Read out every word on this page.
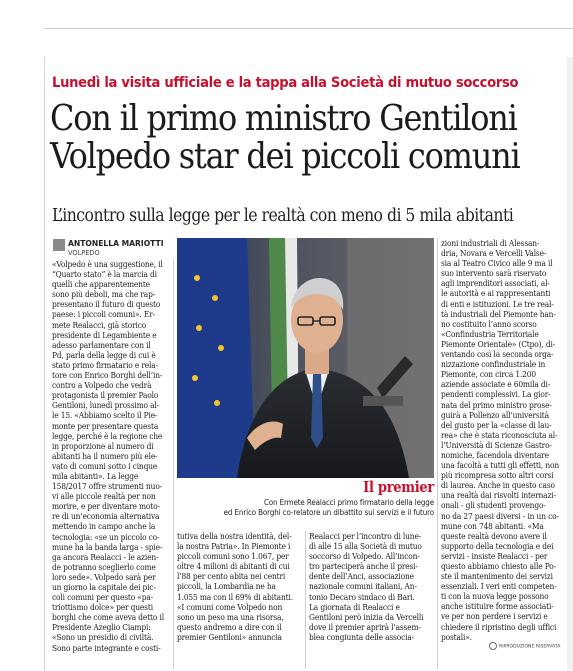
Lunedì la visita ufficiale e la tappa alla Società di mutuo soccorso
Con il primo ministro Gentiloni
Volpedo star dei piccoli comuni
L’incontro sulla legge per le realtà con meno di 5 mila abitanti
ANTONELLA MARIOTTI
VOLPEDO

«Volpedo è una suggestione, il
“Quarto stato” è la marcia di
quelli che apparentemente
sono più deboli, ma che rap-
presentano il futuro di questo
paese: i piccoli comuni». Er-
mete Realacci, già storico
presidente di Legambiente e
adesso parlamentare con il
Pd, parla della legge di cui è
stato primo firmatario e rela-
tore con Enrico Borghi dell’in-
contro a Volpedo che vedrà
protagonista il premier Paolo
Gentiloni, lunedì prossimo al-
le 15. «Abbiamo scelto il Pie-
monte per presentare questa
legge, perché è la regione che
in proporzione al numero di
abitanti ha il numero più ele-
vato di comuni sotto i cinque
mila abitanti». La legge
158/2017 offre strumenti nuo-
vi alle piccole realtà per non
morire, e per diventare moto-
re di un’economia alternativa
mettendo in campo anche la
tecnologia: «se un piccolo co-
mune ha la banda larga - spie-
ga ancora Realacci - le azien-
de potranno sceglierlo come
loro sede». Volpedo sarà per
un giorno la capitale dei pic-
coli comuni per questo «pa-
triottismo dolce» per questi
borghi che come aveva detto il
Presidente Azeglio Ciampi:
«Sono un presidio di civiltà.
Sono parte integrante e costi-

tutiva della nostra identità, del-
la nostra Patria». In Piemonte i
piccoli comuni sono 1.067, per
oltre 4 milioni di abitanti di cui
l’88 per cento abita nei centri
piccoli, la Lombardia ne ha
1.055 ma con il 69% di abitanti.
«I comuni come Volpedo non
sono un peso ma una risorsa,
questo andremo a dire con il
premier Gentiloni» annuncia

Realacci per l’incontro di lune-
dì alle 15 alla Società di mutuo
soccorso di Volpedo. All’incon-
tro parteciperà anche il presi-
dente dell’Anci, associazione
nazionale comuni italiani, An-
tonio Decaro sindaco di Bari.
La giornata di Realacci e
Gentiloni però inizia da Vercelli
dove il premier aprirà l’assem-
blea congiunta delle associa-

zioni industriali di Alessan-
dria, Novara e Vercelli Valse-
sia al Teatro Civico alle 9 ma il
suo intervento sarà riservato
agli imprenditori associati, al-
le autorità e ai rappresentanti
di enti e istituzioni. Le tre real-
tà industriali del Piemonte han-
no costituito l’anno scorso
«Confindustria Territoriale
Piemonte Orientale» (Ctpo), di-
ventando così la seconda orga-
nizzazione confindustriale in
Piemonte, con circa 1.200
aziende associate e 60mila di-
pendenti complessivi. La gior-
nata del primo ministro prose-
guirà a Pollenzo all’università
del gusto per la «classe di lau-
rea» che è stata riconosciuta al-
l’Università di Scienze Gastro-
nomiche, facendola diventare
una facoltà a tutti gli effetti, non
più ricompresa sotto altri corsi
di laurea. Anche in questo caso
una realtà dai risvolti internazi-
onali - gli studenti provengo-
no da 27 paesi diversi - in un co-
mune con 748 abitanti. «Ma
queste realtà devono avere il
supporto della tecnologia e dei
servizi - insiste Realacci - per
questo abbiamo chiesto alle Po-
ste il mantenimento dei servizi
essenziali. I veri enti competen-
ti con la nuova legge possono
anche istituire forme associati-
ve per non perdere i servizi e
chiedere il ripristino degli uffici
postali».

Il premier
Con Ermete Realacci primo firmatario della legge
ed Enrico Borghi co-relatore un dibattito sui servizi e il futuro
RIPRODUZIONE RISERVATA
